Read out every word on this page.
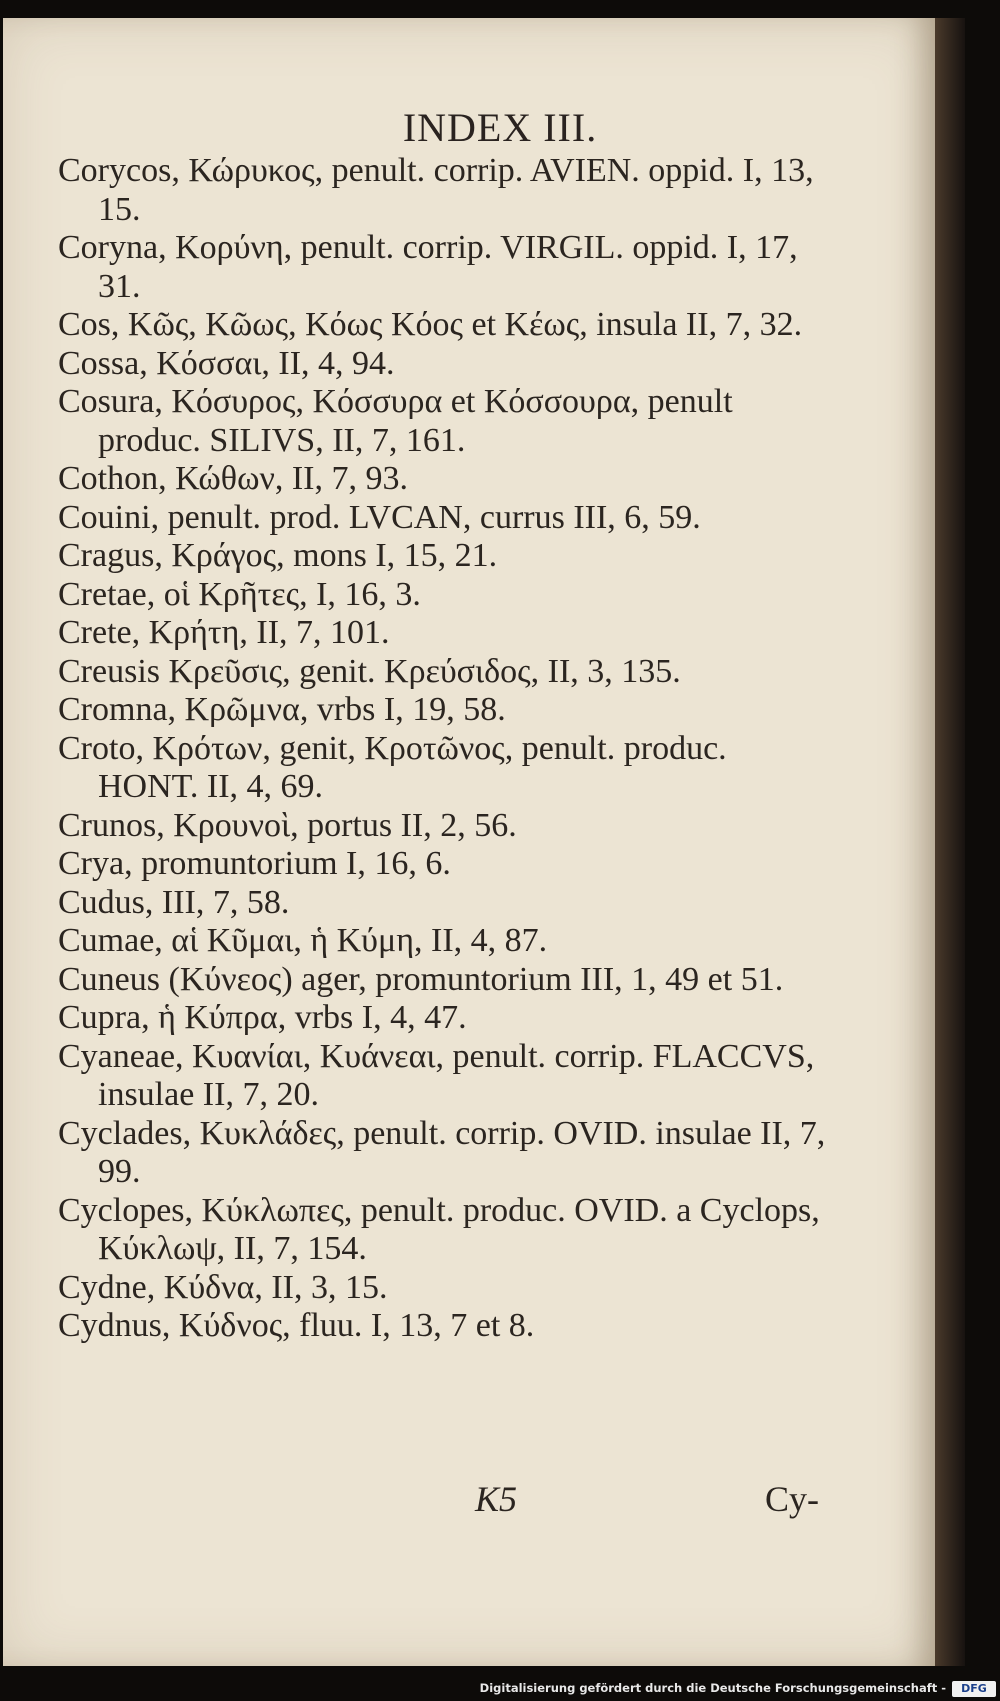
INDEX III.

Corycos, Κώρυκος, penult. corrip. AVIEN. oppid. I, 13, 15.

Coryna, Κορύνη, penult. corrip. VIRGIL. oppid. I, 17, 31.

Cos, Κῶς, Κῶως, Κόως Κόος et Κέως, insula II, 7, 32.

Cossa, Κόσσαι, II, 4, 94.

Cosura, Κόσυρος, Κόσσυρα et Κόσσουρα, penult produc. SILIVS, II, 7, 161.

Cothon, Κώθων, II, 7, 93.

Couini, penult. prod. LVCAN, currus III, 6, 59.

Cragus, Κράγος, mons I, 15, 21.

Cretae, οἱ Κρῆτες, I, 16, 3.

Crete, Κρήτη, II, 7, 101.

Creusis Κρεῦσις, genit. Κρεύσιδος, II, 3, 135.

Cromna, Κρῶμνα, vrbs I, 19, 58.

Croto, Κρότων, genit, Κροτῶνος, penult. produc. HONT. II, 4, 69.

Crunos, Κρουνοὶ, portus II, 2, 56.

Crya, promuntorium I, 16, 6.

Cudus, III, 7, 58.

Cumae, αἱ Κῦμαι, ἡ Κύμη, II, 4, 87.

Cuneus (Κύνεος) ager, promuntorium III, 1, 49 et 51.

Cupra, ἡ Κύπρα, vrbs I, 4, 47.

Cyaneae, Κυανίαι, Κυάνεαι, penult. corrip. FLACCVS, insulae II, 7, 20.

Cyclades, Κυκλάδες, penult. corrip. OVID. insulae II, 7, 99.

Cyclopes, Κύκλωπες, penult. produc. OVID. a Cyclops, Κύκλωψ, II, 7, 154.

Cydne, Κύδνα, II, 3, 15.

Cydnus, Κύδνος, fluu. I, 13, 7 et 8.

K5	Cy-
Digitalisierung gefördert durch die Deutsche Forschungsgemeinschaft -	DFG
